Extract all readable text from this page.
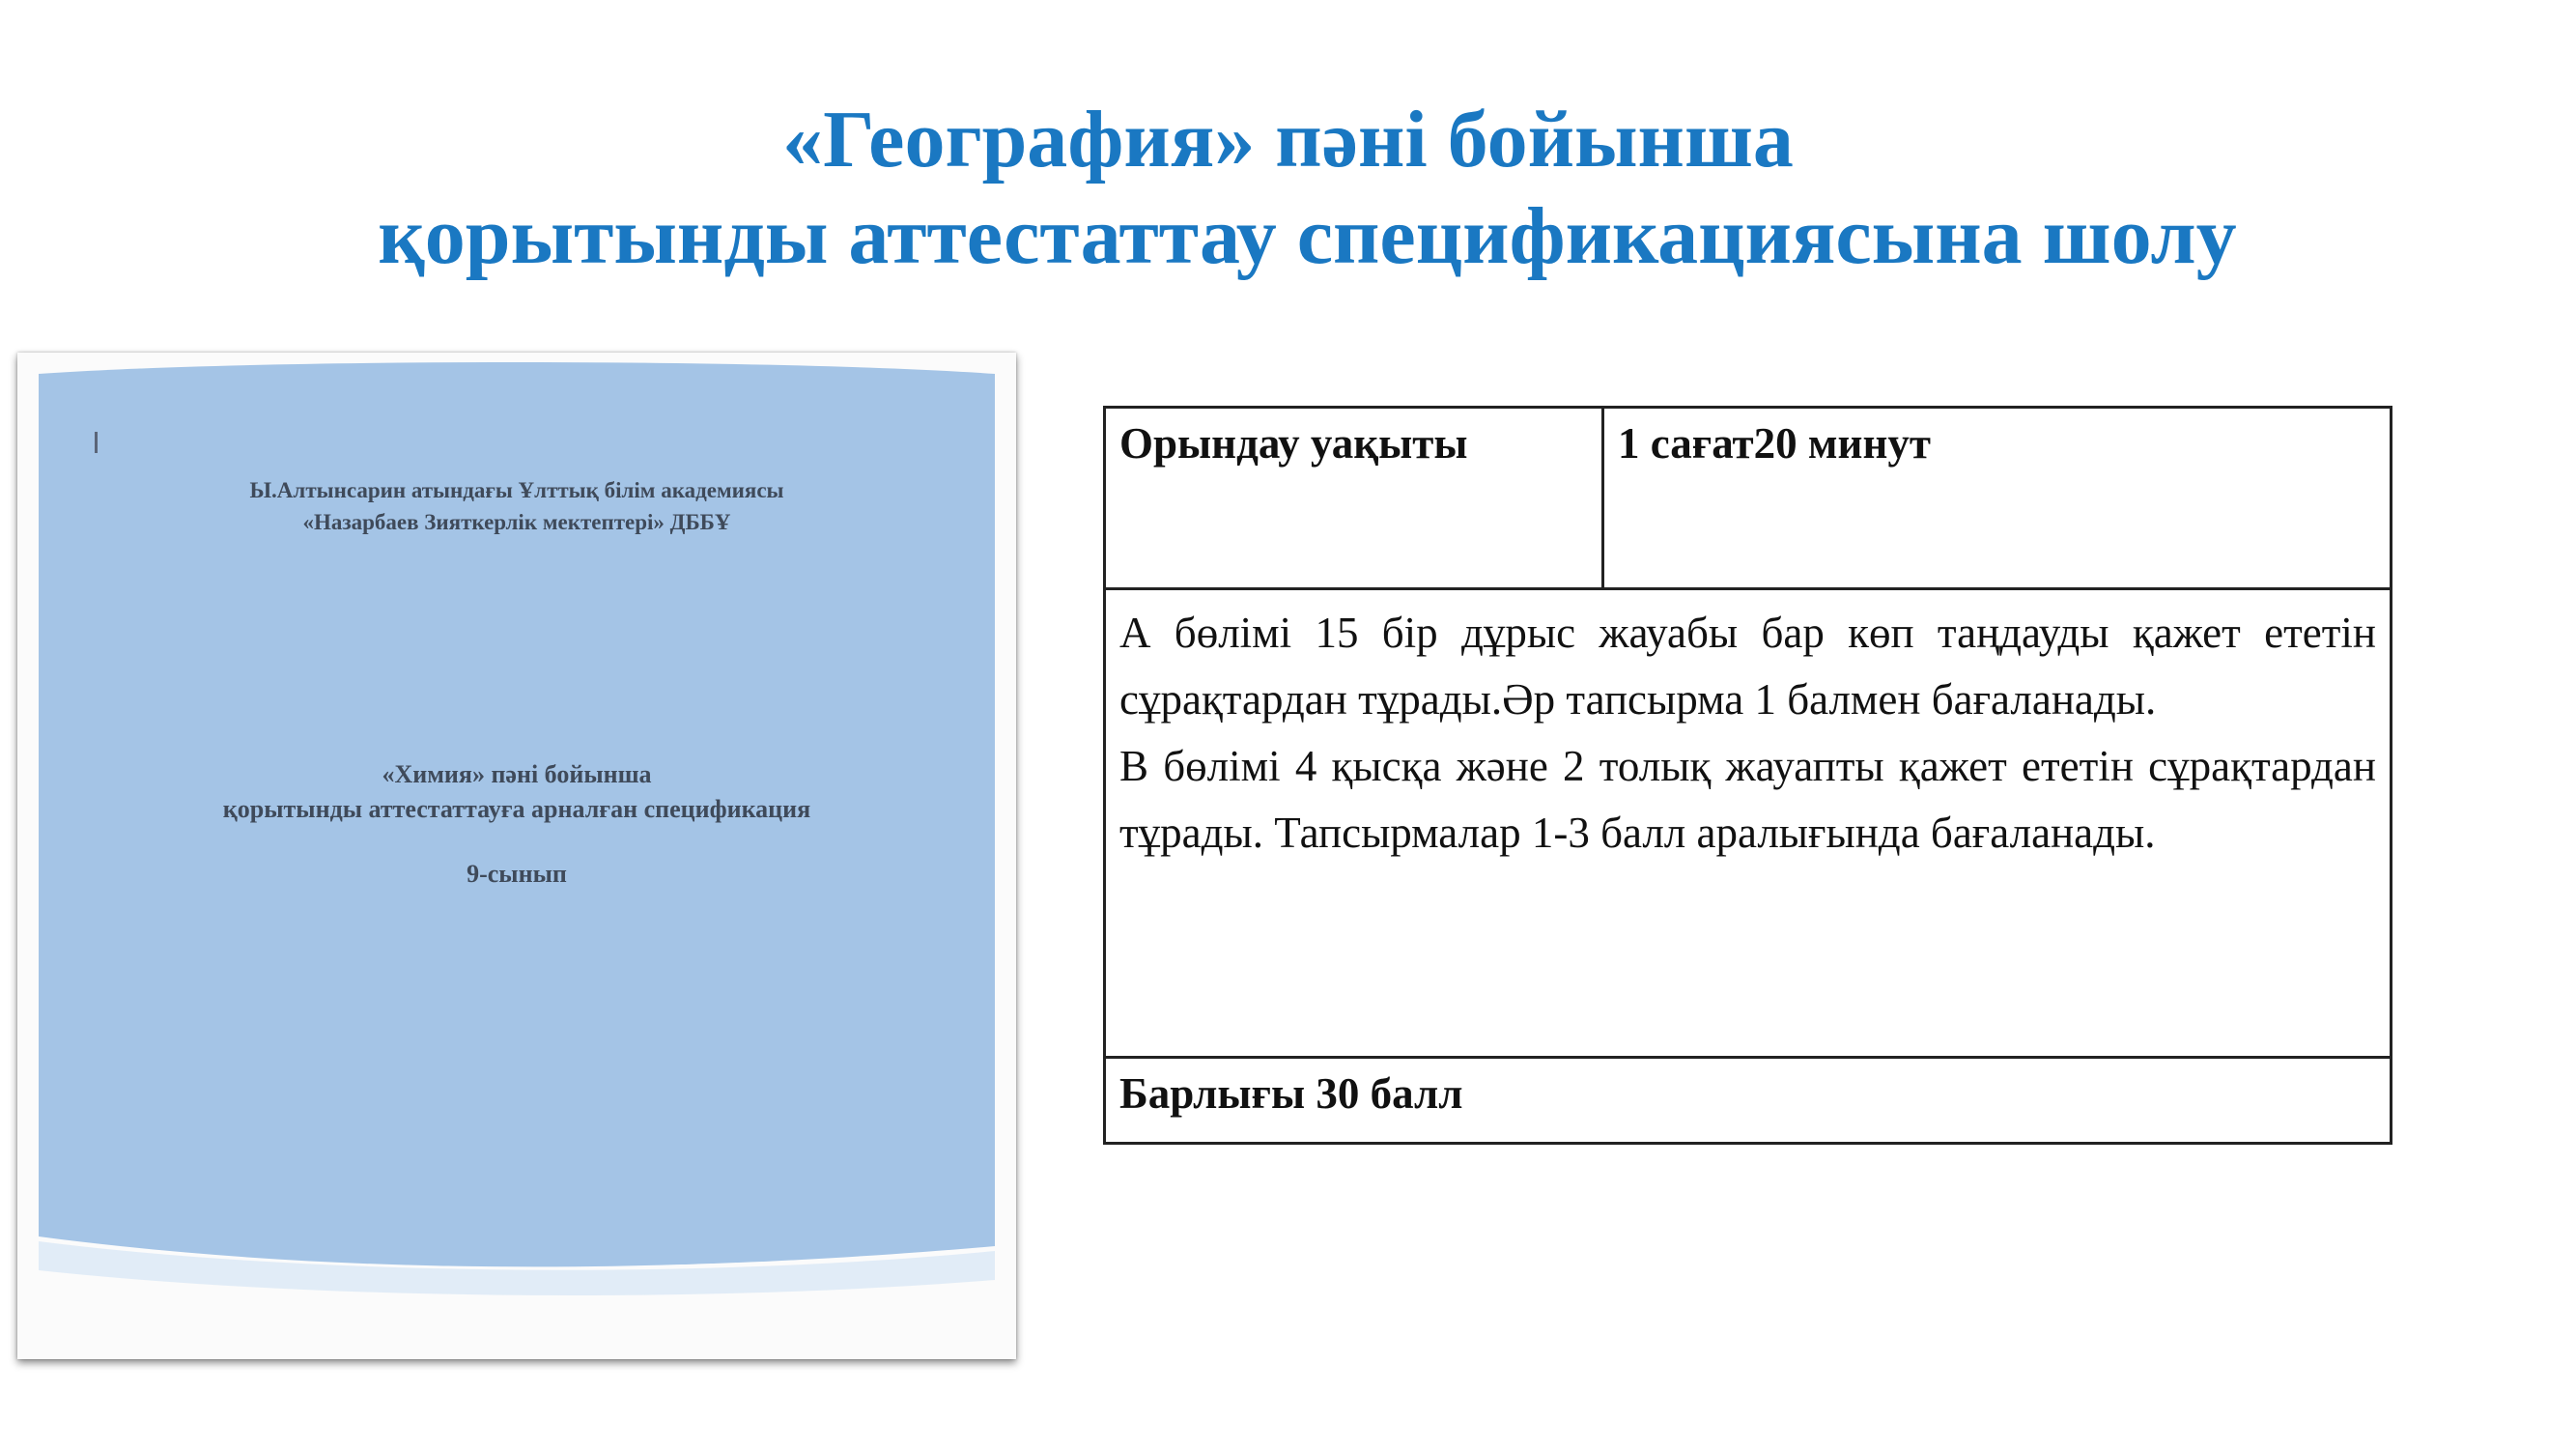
«География» пәні бойынша
қорытынды аттестаттау спецификациясына шолу
Ы.Алтынсарин атындағы Ұлттық білім академиясы
«Назарбаев Зияткерлік мектептері» ДББҰ
«Химия» пәні бойынша
қорытынды аттестаттауға арналған спецификация
9-сынып
Орындау уақыты	1 сағат20 минут

А бөлімі 15 бір дұрыс жауабы бар көп таңдауды қажет ететін сұрақтардан тұрады.Әр тапсырма 1 балмен бағаланады.

В бөлімі 4 қысқа және 2 толық жауапты қажет ететін сұрақтардан тұрады. Тапсырмалар 1-3 балл аралығында бағаланады.

Барлығы 30 балл
